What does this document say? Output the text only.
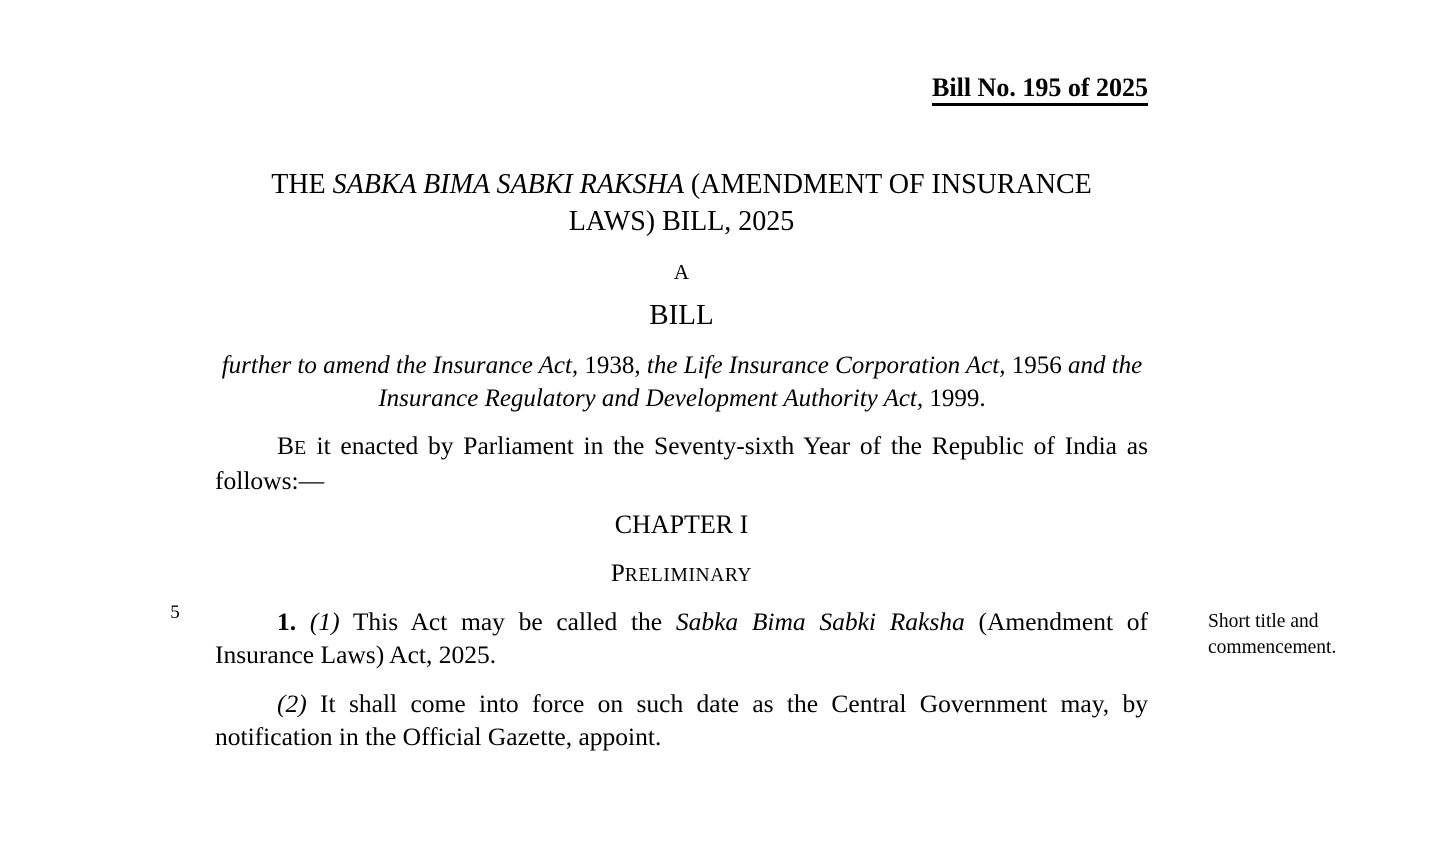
Bill No. 195 of 2025
THE SABKA BIMA SABKI RAKSHA (AMENDMENT OF INSURANCE LAWS) BILL, 2025
A
BILL

further to amend the Insurance Act, 1938, the Life Insurance Corporation Act, 1956 and the Insurance Regulatory and Development Authority Act, 1999.

BE it enacted by Parliament in the Seventy-sixth Year of the Republic of India as follows:—

CHAPTER I
PRELIMINARY
5	1. (1) This Act may be called the Sabka Bima Sabki Raksha (Amendment of Insurance Laws) Act, 2025.

Short title and commencement.

(2) It shall come into force on such date as the Central Government may, by notification in the Official Gazette, appoint.
